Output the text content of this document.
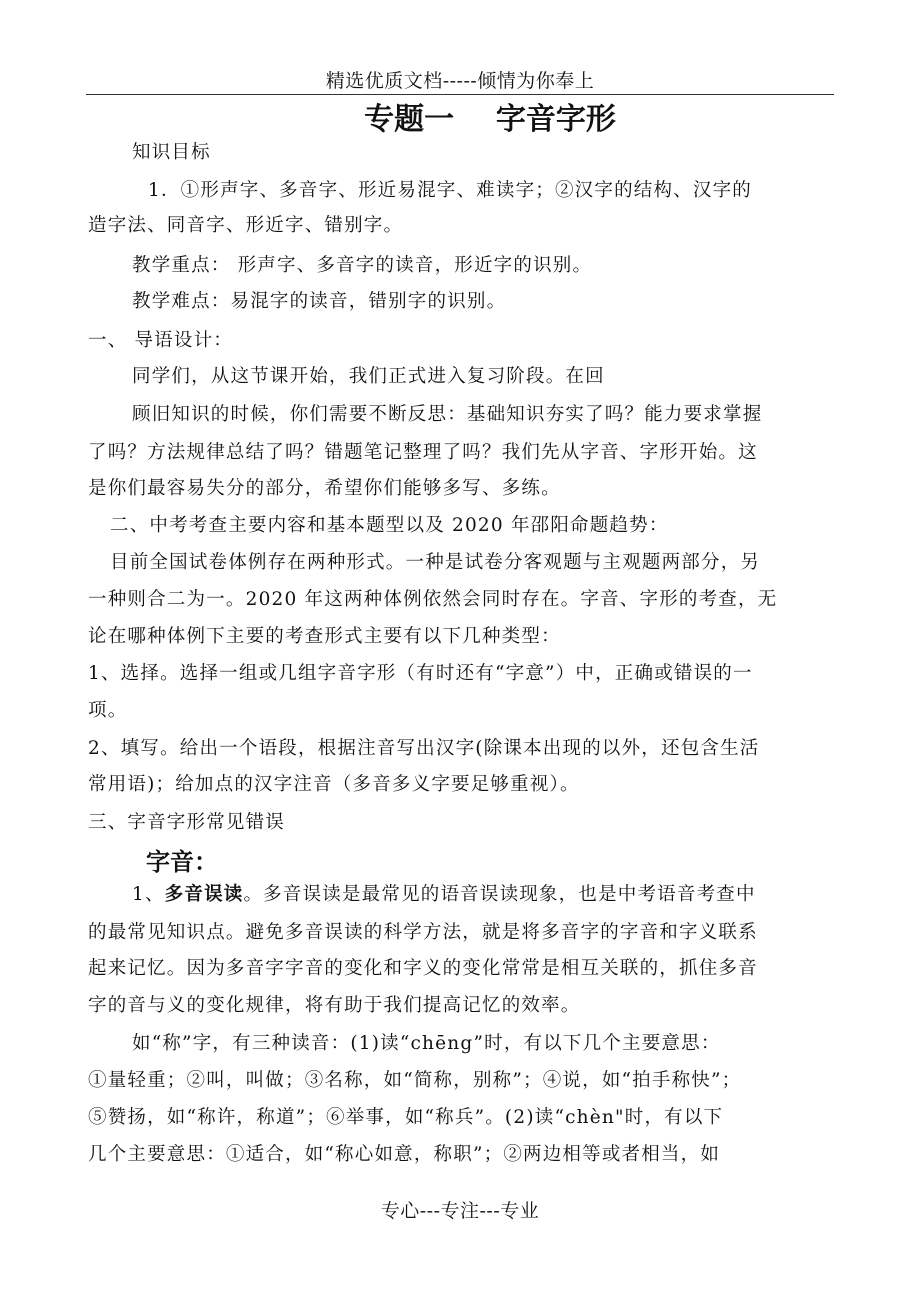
精选优质文档-----倾情为你奉上
专题一    字音字形
知识目标
1．①形声字、多音字、形近易混字、难读字；②汉字的结构、汉字的
造字法、同音字、形近字、错别字。
教学重点： 形声字、多音字的读音，形近字的识别。
教学难点：易混字的读音，错别字的识别。
一、 导语设计：
同学们，从这节课开始，我们正式进入复习阶段。在回
顾旧知识的时候，你们需要不断反思：基础知识夯实了吗？能力要求掌握
了吗？方法规律总结了吗？错题笔记整理了吗？我们先从字音、字形开始。这
是你们最容易失分的部分，希望你们能够多写、多练。
二、中考考查主要内容和基本题型以及 2020 年邵阳命题趋势：
目前全国试卷体例存在两种形式。一种是试卷分客观题与主观题两部分，另
一种则合二为一。2020 年这两种体例依然会同时存在。字音、字形的考查，无
论在哪种体例下主要的考查形式主要有以下几种类型：
1、选择。选择一组或几组字音字形（有时还有“字意”）中，正确或错误的一
项。
2、填写。给出一个语段，根据注音写出汉字(除课本出现的以外，还包含生活
常用语)；给加点的汉字注音（多音多义字要足够重视）。
三、字音字形常见错误
字音：
1、多音误读。多音误读是最常见的语音误读现象，也是中考语音考查中
的最常见知识点。避免多音误读的科学方法，就是将多音字的字音和字义联系
起来记忆。因为多音字字音的变化和字义的变化常常是相互关联的，抓住多音
字的音与义的变化规律，将有助于我们提高记忆的效率。
如“称”字，有三种读音：(1)读“chēng”时，有以下几个主要意思：
①量轻重；②叫，叫做；③名称，如“简称，别称”；④说，如“拍手称快”；
⑤赞扬，如“称许，称道”；⑥举事，如“称兵”。(2)读“chèn"时，有以下
几个主要意思：①适合，如“称心如意，称职”；②两边相等或者相当，如
专心---专注---专业
